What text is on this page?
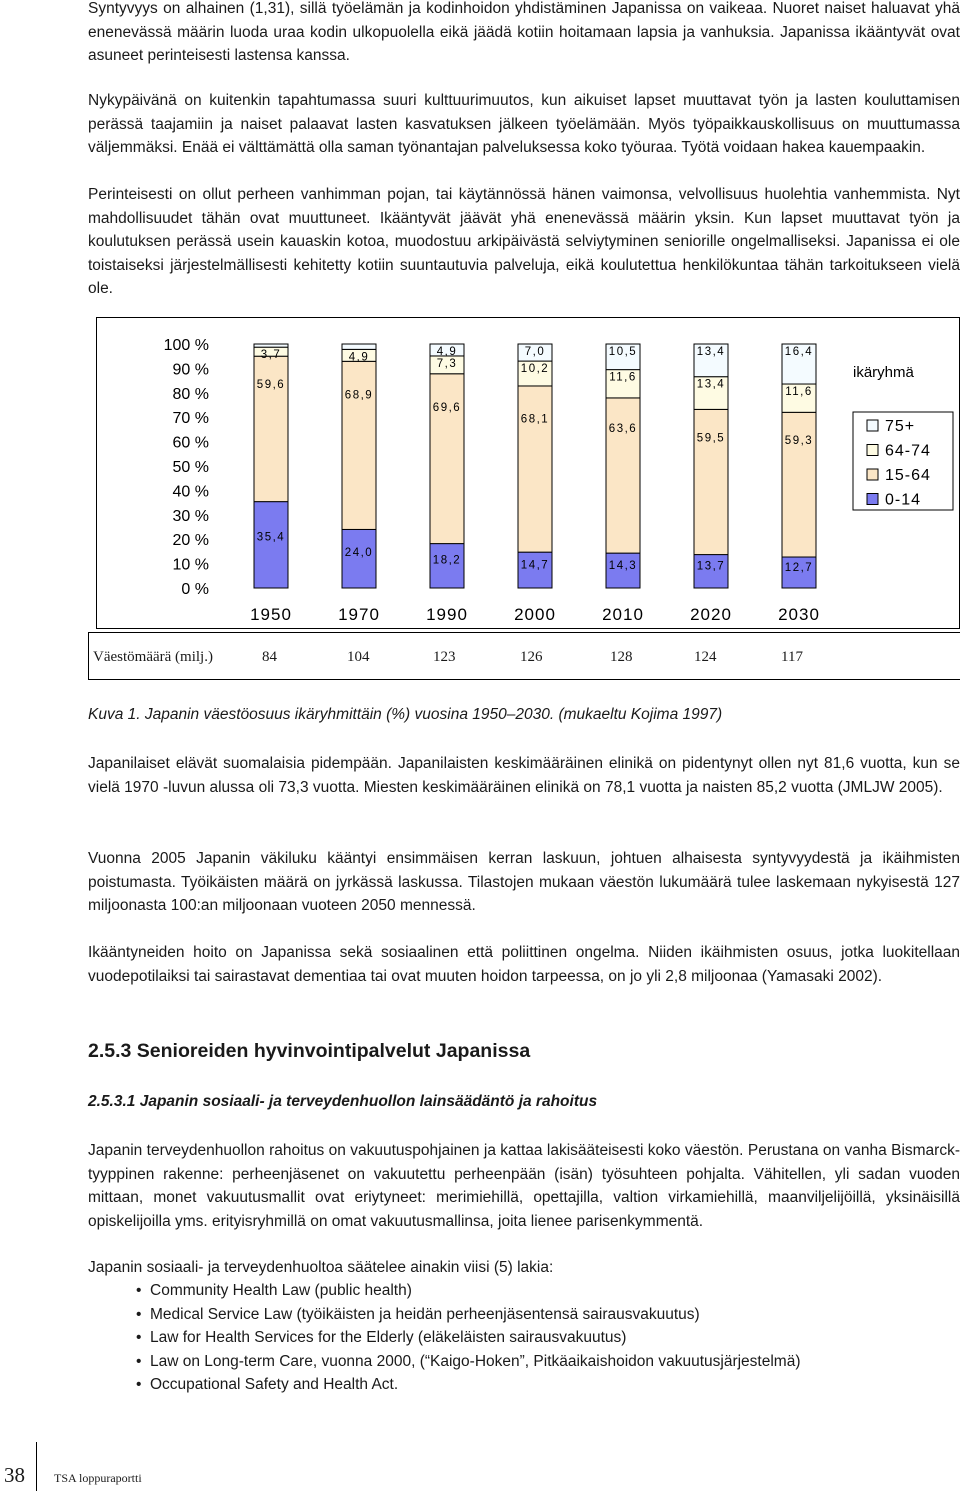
Syntyvyys on alhainen (1,31), sillä työelämän ja kodinhoidon yhdistäminen Japanissa on vaikeaa. Nuoret naiset haluavat yhä enenevässä määrin luoda uraa kodin ulkopuolella eikä jäädä kotiin hoitamaan lapsia ja vanhuksia. Japanissa ikääntyvät ovat asuneet perinteisesti lastensa kanssa.

Nykypäivänä on kuitenkin tapahtumassa suuri kulttuurimuutos, kun aikuiset lapset muuttavat työn ja lasten kouluttamisen perässä taajamiin ja naiset palaavat lasten kasvatuksen jälkeen työelämään. Myös työpaikkauskollisuus on muuttumassa väljemmäksi. Enää ei välttämättä olla saman työnantajan palveluksessa koko työuraa. Työtä voidaan hakea kauempaakin.

Perinteisesti on ollut perheen vanhimman pojan, tai käytännössä hänen vaimonsa, velvollisuus huolehtia vanhemmista. Nyt mahdollisuudet tähän ovat muuttuneet. Ikääntyvät jäävät yhä enenevässä määrin yksin. Kun lapset muuttavat työn ja koulutuksen perässä usein kauaskin kotoa, muodostuu arkipäivästä selviytyminen seniorille ongelmalliseksi. Japanissa ei ole toistaiseksi järjestelmällisesti kehitetty kotiin suuntautuvia palveluja, eikä koulutettua henkilökuntaa tähän tarkoitukseen vielä ole.

0 %
10 %
20 %
30 %
40 %
50 %
60 %
70 %
80 %
90 %
100 %
35,4
59,6
3,7
1950
24,0
68,9
4,9
1970
18,2
69,6
7,3
4,9
1990
14,7
68,1
10,2
7,0
2000
14,3
63,6
11,6
10,5
2010
13,7
59,5
13,4
13,4
2020
12,7
59,3
11,6
16,4
2030
ikäryhmä
75+
64-74
15-64
0-14
Väestömäärä (milj.)	84	104	123	126	128	124	117

Kuva 1. Japanin väestöosuus ikäryhmittäin (%) vuosina 1950–2030. (mukaeltu Kojima 1997)

Japanilaiset elävät suomalaisia pidempään. Japanilaisten keskimääräinen elinikä on pidentynyt ollen nyt 81,6 vuotta, kun se vielä 1970 -luvun alussa oli 73,3 vuotta. Miesten keskimääräinen elinikä on 78,1 vuotta ja naisten 85,2 vuotta (JMLJW 2005).

Vuonna 2005 Japanin väkiluku kääntyi ensimmäisen kerran laskuun, johtuen alhaisesta syntyvyydestä ja ikäihmisten poistumasta. Työikäisten määrä on jyrkässä laskussa. Tilastojen mukaan väestön lukumäärä tulee laskemaan nykyisestä 127 miljoonasta 100:an miljoonaan vuoteen 2050 mennessä.

Ikääntyneiden hoito on Japanissa sekä sosiaalinen että poliittinen ongelma. Niiden ikäihmisten osuus, jotka luokitellaan vuodepotilaiksi tai sairastavat dementiaa tai ovat muuten hoidon tarpeessa, on jo yli 2,8 miljoonaa (Yamasaki 2002).

2.5.3 Senioreiden hyvinvointipalvelut Japanissa
2.5.3.1 Japanin sosiaali- ja terveydenhuollon lainsäädäntö ja rahoitus

Japanin terveydenhuollon rahoitus on vakuutuspohjainen ja kattaa lakisääteisesti koko väestön. Perustana on vanha Bismarck-tyyppinen rakenne: perheenjäsenet on vakuutettu perheenpään (isän) työsuhteen pohjalta. Vähitellen, yli sadan vuoden mittaan, monet vakuutusmallit ovat eriytyneet: merimiehillä, opettajilla, valtion virkamiehillä, maanviljelijöillä, yksinäisillä opiskelijoilla yms. erityisryhmillä on omat vakuutusmallinsa, joita lienee parisenkymmentä.

Japanin sosiaali- ja terveydenhuoltoa säätelee ainakin viisi (5) lakia:

• Community Health Law (public health)
• Medical Service Law (työikäisten ja heidän perheenjäsentensä sairausvakuutus)
• Law for Health Services for the Elderly (eläkeläisten sairausvakuutus)
• Law on Long-term Care, vuonna 2000, (“Kaigo-Hoken”, Pitkäaikaishoidon vakuutusjärjestelmä)
• Occupational Safety and Health Act.
38 TSA loppuraportti
